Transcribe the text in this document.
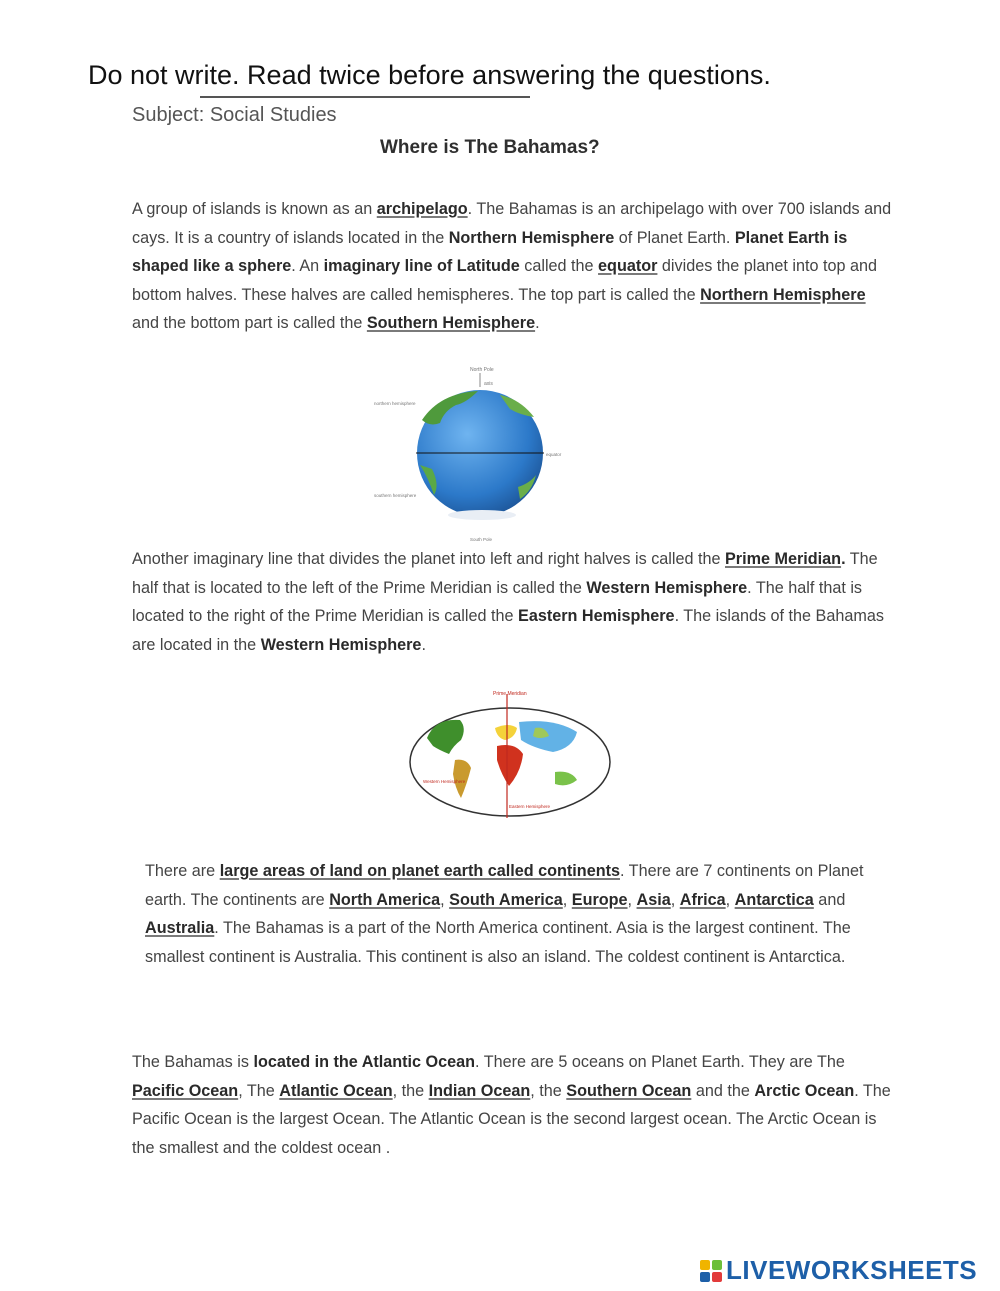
Do not write. Read twice before answering the questions.
Subject: Social Studies
Where is The Bahamas?

A group of islands is known as an archipelago. The Bahamas is an archipelago with over 700 islands and cays. It is a country of islands located in the Northern Hemisphere of Planet Earth. Planet Earth is shaped like a sphere. An imaginary line of Latitude called the equator divides the planet into top and bottom halves. These halves are called hemispheres. The top part is called the Northern Hemisphere and the bottom part is called the Southern Hemisphere.

North Pole
axis
northern hemisphere
equator
southern hemisphere
South Pole

Another imaginary line that divides the planet into left and right halves is called the Prime Meridian. The half that is located to the left of the Prime Meridian is called the Western Hemisphere. The half that is located to the right of the Prime Meridian is called the Eastern Hemisphere. The islands of the Bahamas are located in the Western Hemisphere.

Prime Meridian
Western Hemisphere
Eastern Hemisphere

There are large areas of land on planet earth called continents. There are 7 continents on Planet earth. The continents are North America, South America, Europe, Asia, Africa, Antarctica and Australia. The Bahamas is a part of the North America continent. Asia is the largest continent. The smallest continent is Australia. This continent is also an island. The coldest continent is Antarctica.

The Bahamas is located in the Atlantic Ocean. There are 5 oceans on Planet Earth. They are The Pacific Ocean, The Atlantic Ocean, the Indian Ocean, the Southern Ocean and the Arctic Ocean. The Pacific Ocean is the largest Ocean. The Atlantic Ocean is the second largest ocean. The Arctic Ocean is the smallest and the coldest ocean .

LIVEWORKSHEETS
